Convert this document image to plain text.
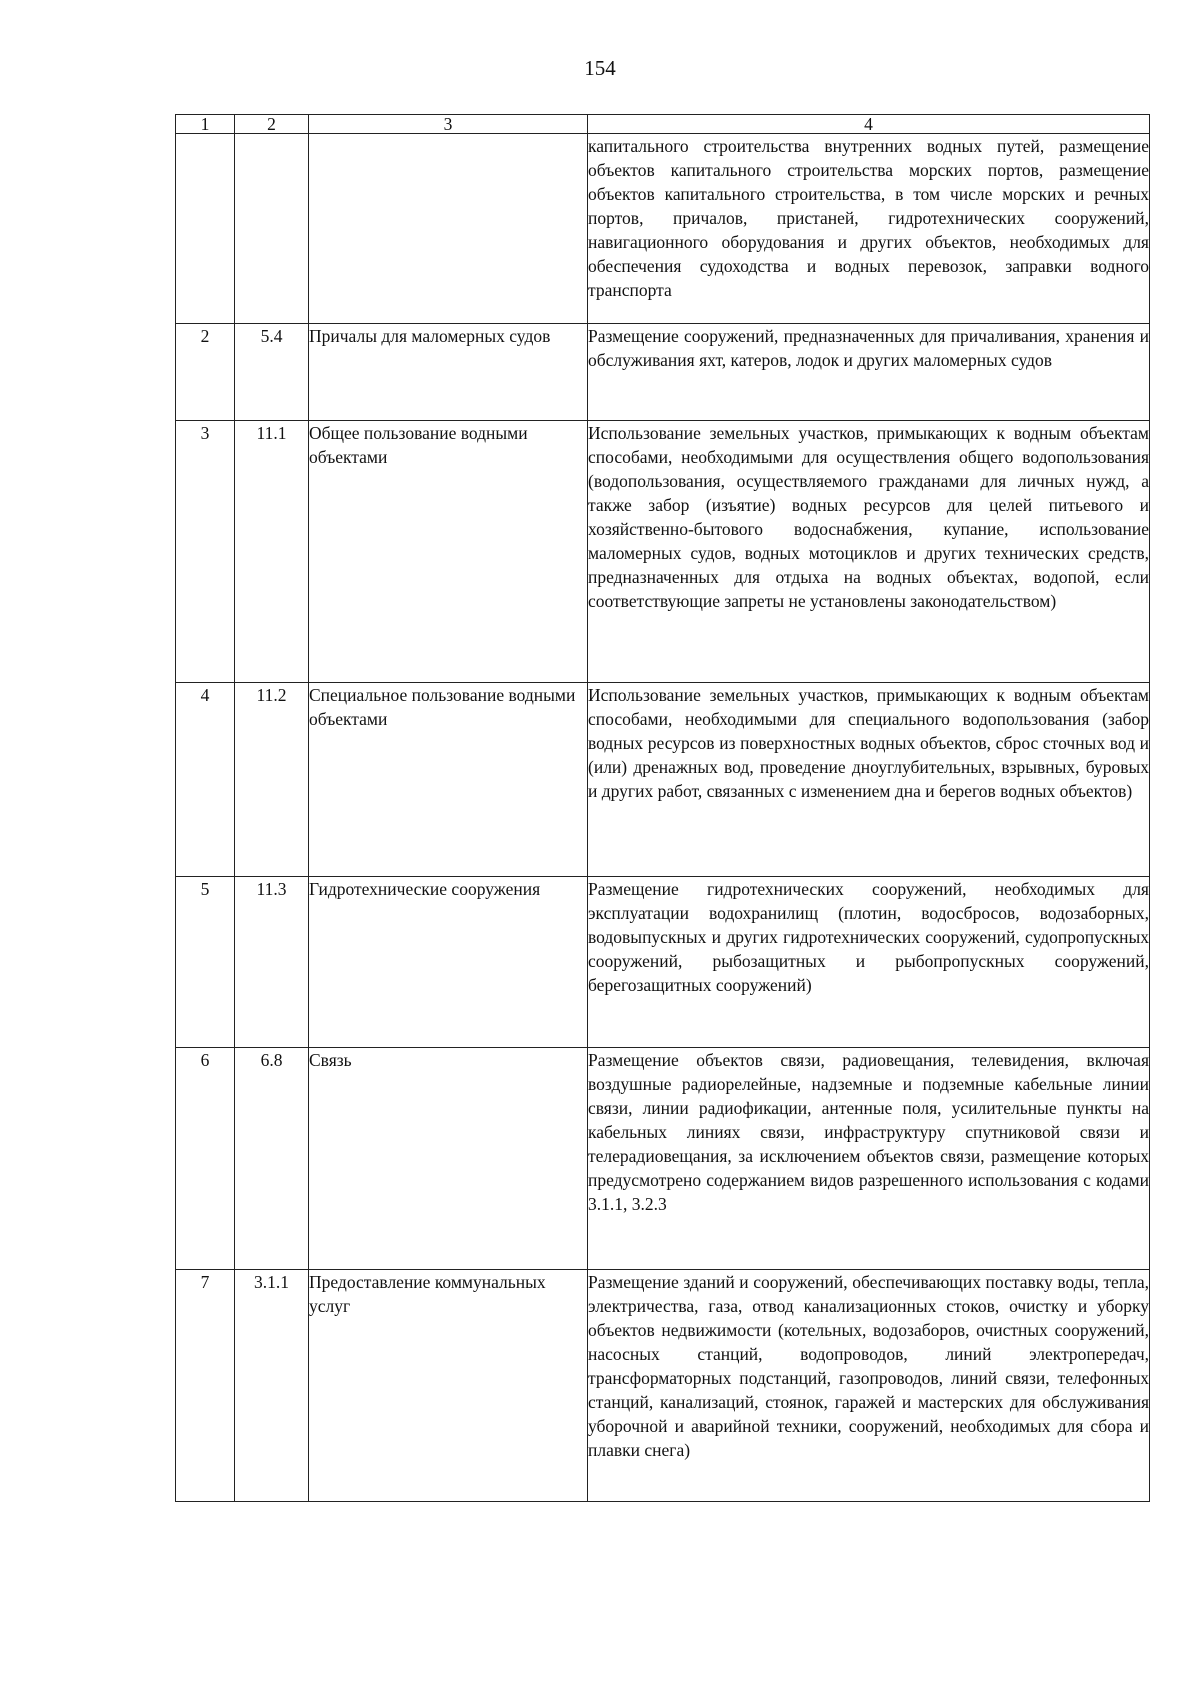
154
1	2	3	4

			капитального строительства внутренних водных путей, размещение объектов капитального строительства морских портов, размещение объектов капитального строительства, в том числе морских и речных портов, причалов, пристаней, гидротехнических сооружений, навигационного оборудования и других объектов, необходимых для обеспечения судоходства и водных перевозок, заправки водного транспорта

2	5.4	Причалы для маломерных судов	Размещение сооружений, предназначенных для причаливания, хранения и обслуживания яхт, катеров, лодок и других маломерных судов

3	11.1	Общее пользование водными объектами	Использование земельных участков, примыкающих к водным объектам способами, необходимыми для осуществления общего водопользования (водопользования, осуществляемого гражданами для личных нужд, а также забор (изъятие) водных ресурсов для целей питьевого и хозяйственно-бытового водоснабжения, купание, использование маломерных судов, водных мотоциклов и других технических средств, предназначенных для отдыха на водных объектах, водопой, если соответствующие запреты не установлены законодательством)

4	11.2	Специальное пользование водными объектами	Использование земельных участков, примыкающих к водным объектам способами, необходимыми для специального водопользования (забор водных ресурсов из поверхностных водных объектов, сброс сточных вод и (или) дренажных вод, проведение дноуглубительных, взрывных, буровых и других работ, связанных с изменением дна и берегов водных объектов)

5	11.3	Гидротехнические сооружения	Размещение гидротехнических сооружений, необходимых для эксплуатации водохранилищ (плотин, водосбросов, водозаборных, водовыпускных и других гидротехнических сооружений, судопропускных сооружений, рыбозащитных и рыбопропускных сооружений, берегозащитных сооружений)

6	6.8	Связь	Размещение объектов связи, радиовещания, телевидения, включая воздушные радиорелейные, надземные и подземные кабельные линии связи, линии радиофикации, антенные поля, усилительные пункты на кабельных линиях связи, инфраструктуру спутниковой связи и телерадиовещания, за исключением объектов связи, размещение которых предусмотрено содержанием видов разрешенного использования с кодами 3.1.1, 3.2.3

7	3.1.1	Предоставление коммунальных услуг	Размещение зданий и сооружений, обеспечивающих поставку воды, тепла, электричества, газа, отвод канализационных стоков, очистку и уборку объектов недвижимости (котельных, водозаборов, очистных сооружений, насосных станций, водопроводов, линий электропередач, трансформаторных подстанций, газопроводов, линий связи, телефонных станций, канализаций, стоянок, гаражей и мастерских для обслуживания уборочной и аварийной техники, сооружений, необходимых для сбора и плавки снега)
